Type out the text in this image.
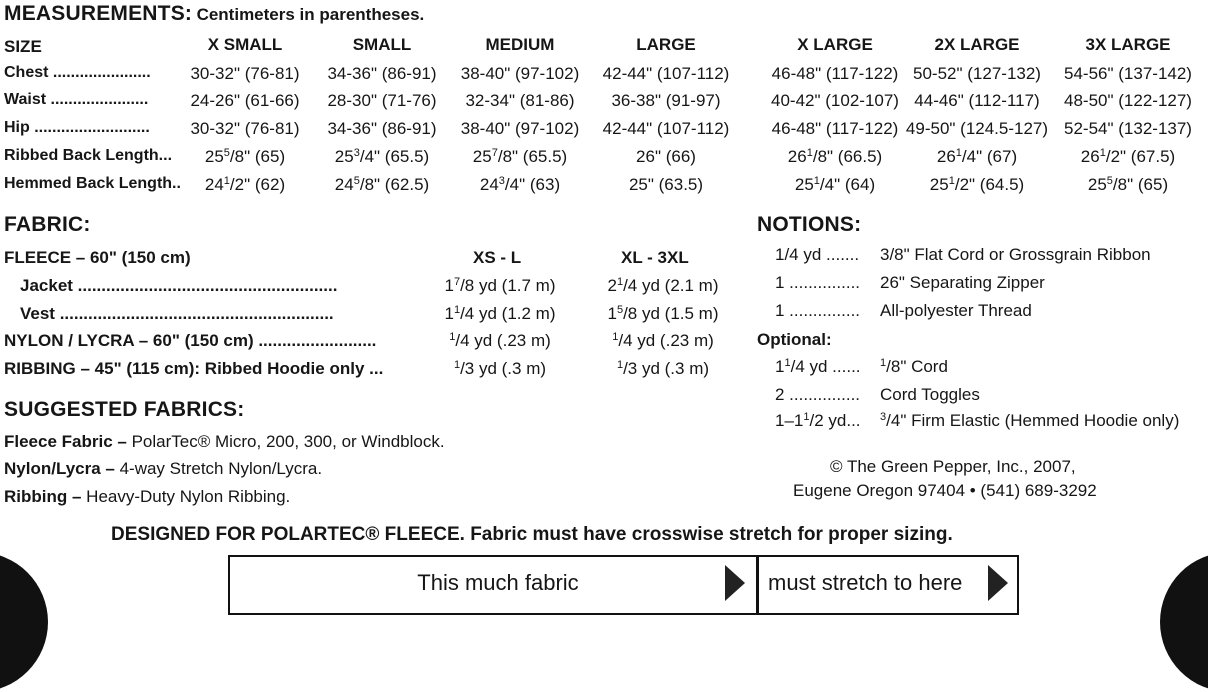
MEASUREMENTS: Centimeters in parentheses.
SIZE	X SMALL	SMALL	MEDIUM	LARGE	X LARGE	2X LARGE	3X LARGE
Chest ......................	30-32" (76-81)	34-36" (86-91)	38-40" (97-102)	42-44" (107-112)	46-48" (117-122) 50-52" (127-132)	54-56" (137-142)
Waist ......................	24-26" (61-66)	28-30" (71-76)	32-34" (81-86)	36-38" (91-97)	40-42" (102-107) 44-46" (112-117)	48-50" (122-127)
Hip ..........................	30-32" (76-81)	34-36" (86-91)	38-40" (97-102)	42-44" (107-112)	46-48" (117-122) 49-50" (124.5-127) 52-54" (132-137)
Ribbed Back Length...	$25^5/8$" (65)	$25^3/4$" (65.5)	$25^7/8$" (65.5)	26" (66)	$26^1/8$" (66.5)	$26^1/4$" (67)	$26^1/2$" (67.5)
Hemmed Back Length..	$24^1/2$" (62)	$24^5/8$" (62.5)	$24^3/4$" (63)	25" (63.5)	$25^1/4$" (64)	$25^1/2$" (64.5)	$25^5/8$" (65)
FABRIC:
XS - L	XL - 3XL
FLEECE – 60" (150 cm)
Jacket .......................................................	$1^7/8$ yd (1.7 m)	$2^1/4$ yd (2.1 m)
Vest ..........................................................	$1^1/4$ yd (1.2 m)	$1^5/8$ yd (1.5 m)
NYLON / LYCRA – 60" (150 cm) .........................	$^1$/4 yd (.23 m)	$^1$/4 yd (.23 m)
RIBBING – 45" (115 cm): Ribbed Hoodie only ...	$^1$/3 yd (.3 m)	$^1$/3 yd (.3 m)
SUGGESTED FABRICS:
Fleece Fabric – PolarTec® Micro, 200, 300, or Windblock.
Nylon/Lycra – 4-way Stretch Nylon/Lycra.
Ribbing – Heavy-Duty Nylon Ribbing.
NOTIONS:
1/4 yd ....... 3/8" Flat Cord or Grossgrain Ribbon
1 ............... 26" Separating Zipper
1 ............... All-polyester Thread
Optional:
$1^1/4$ yd ...... $^1$/8" Cord
2 ............... Cord Toggles
$1-1^1/2$ yd... $^3$/4" Firm Elastic (Hemmed Hoodie only)
© The Green Pepper, Inc., 2007,
Eugene Oregon 97404 • (541) 689-3292
DESIGNED FOR POLARTEC® FLEECE. Fabric must have crosswise stretch for proper sizing.
This much fabric	must stretch to here
